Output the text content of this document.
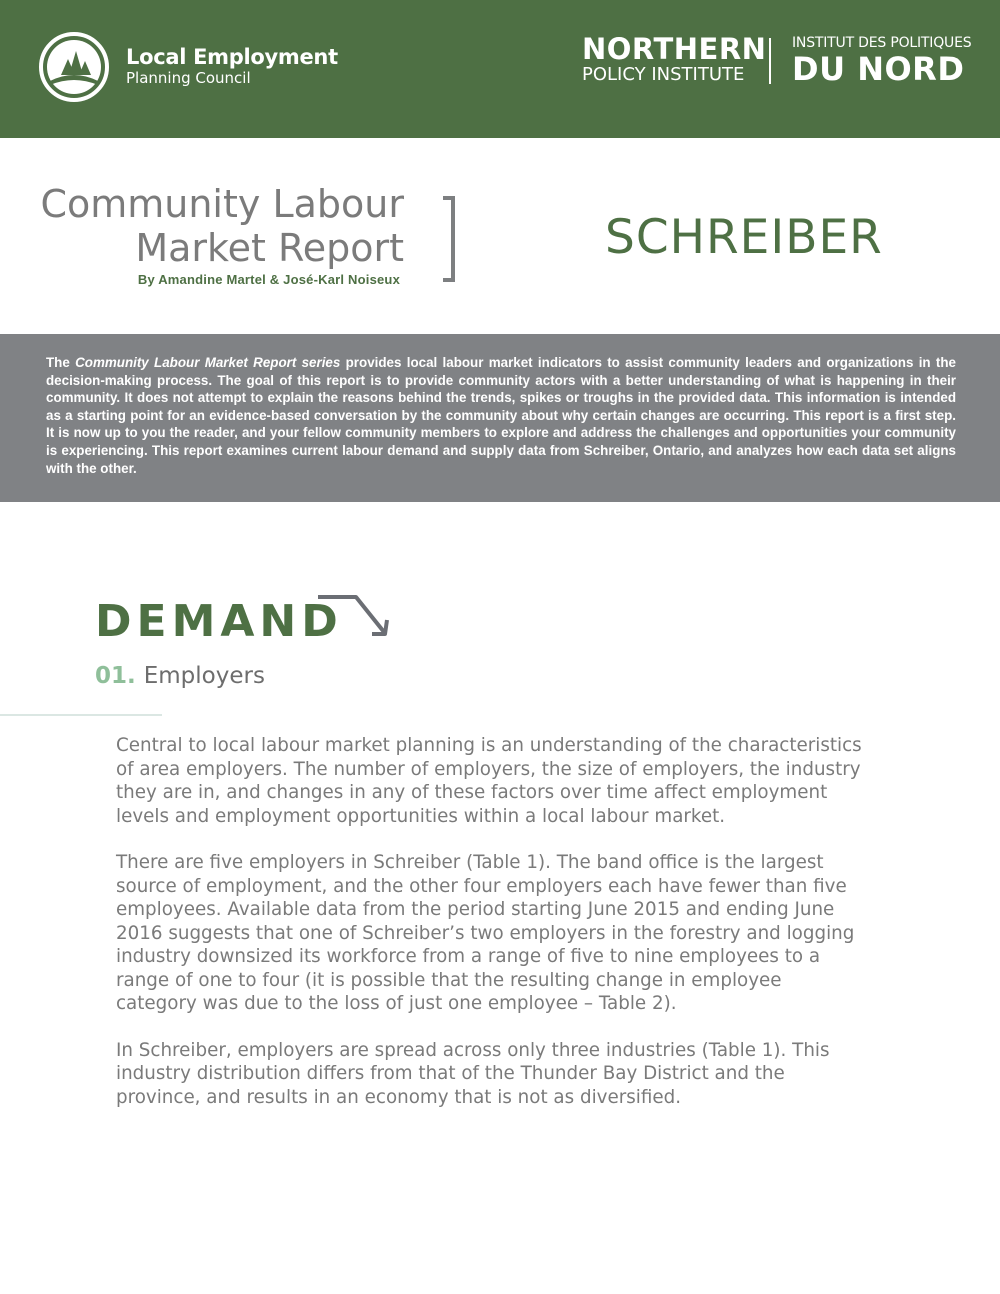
Local Employment
Planning Council
NORTHERN
POLICY INSTITUTE
INSTITUT DES POLITIQUES
DU NORD
Community Labour
Market Report
By Amandine Martel & José-Karl Noiseux
SCHREIBER
The Community Labour Market Report series provides local labour market indicators to assist community leaders and organizations in the decision-making process. The goal of this report is to provide community actors with a better understanding of what is happening in their community. It does not attempt to explain the reasons behind the trends, spikes or troughs in the provided data. This information is intended as a starting point for an evidence-based conversation by the community about why certain changes are occurring. This report is a first step. It is now up to you the reader, and your fellow community members to explore and address the challenges and opportunities your community is experiencing. This report examines current labour demand and supply data from Schreiber, Ontario, and analyzes how each data set aligns with the other.
DEMAND
01. Employers

Central to local labour market planning is an understanding of the characteristics of area employers. The number of employers, the size of employers, the industry they are in, and changes in any of these factors over time affect employment levels and employment opportunities within a local labour market.

There are five employers in Schreiber (Table 1). The band office is the largest source of employment, and the other four employers each have fewer than five employees. Available data from the period starting June 2015 and ending June 2016 suggests that one of Schreiber’s two employers in the forestry and logging industry downsized its workforce from a range of five to nine employees to a range of one to four (it is possible that the resulting change in employee category was due to the loss of just one employee – Table 2).

In Schreiber, employers are spread across only three industries (Table 1). This industry distribution differs from that of the Thunder Bay District and the province, and results in an economy that is not as diversified.
